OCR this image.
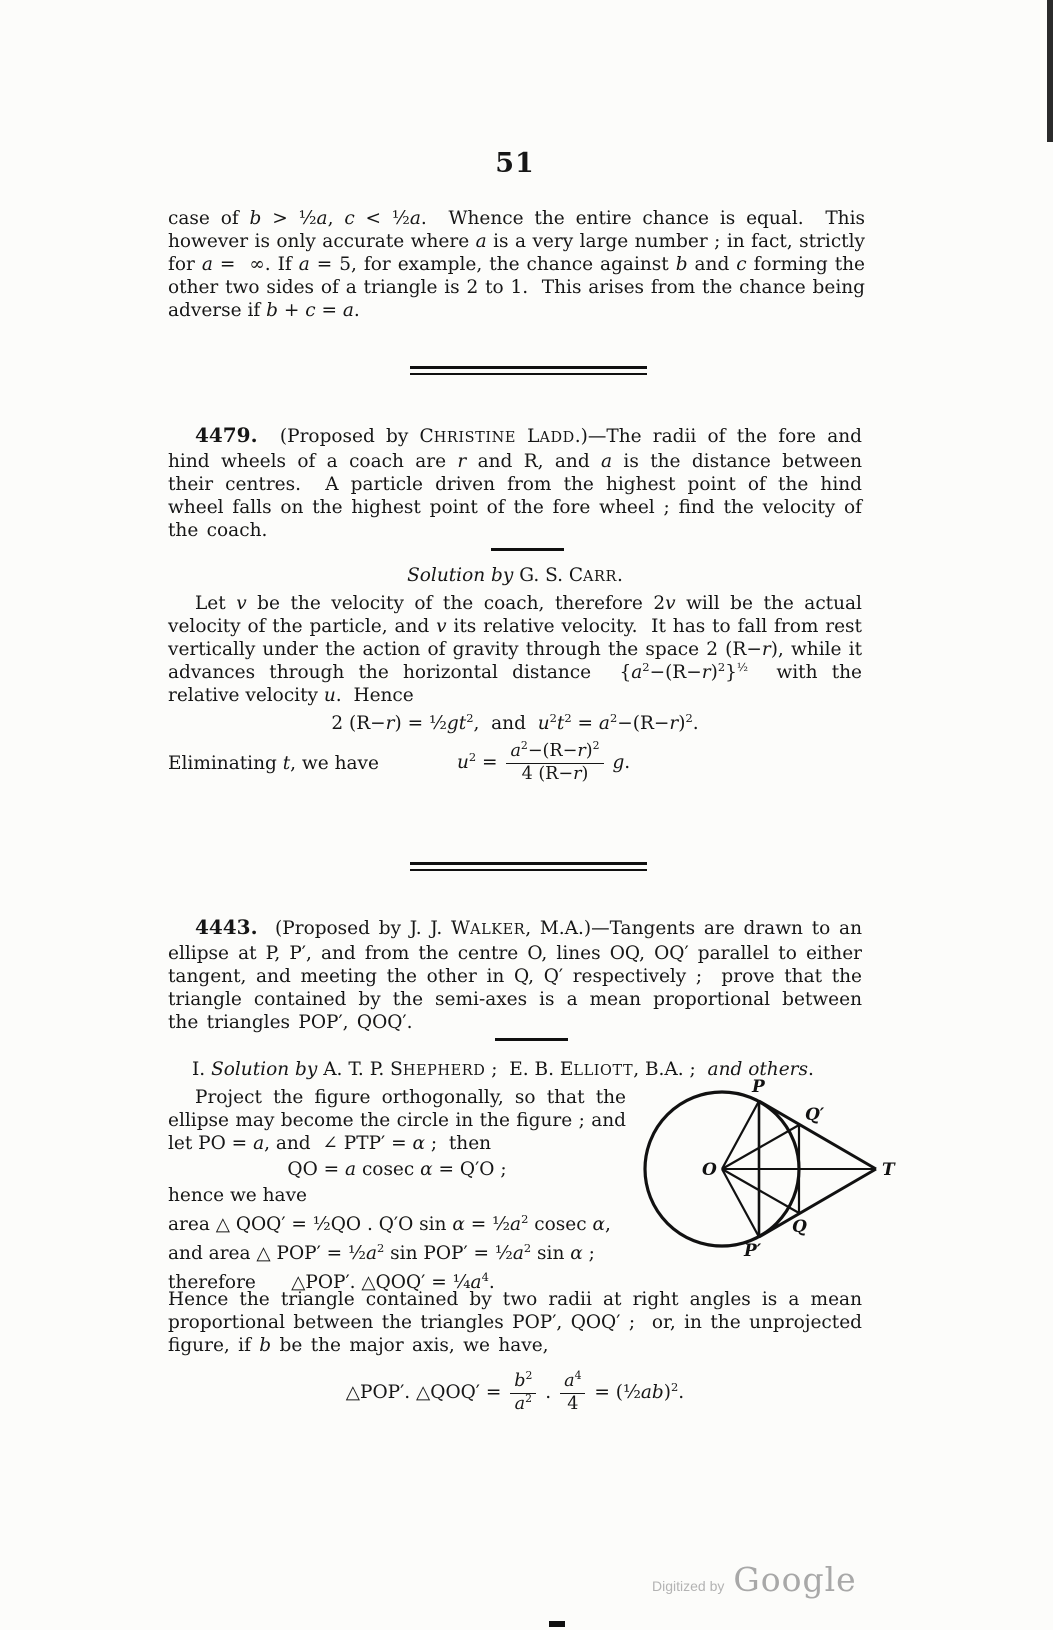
51
case of b > ½a, c < ½a.  Whence the entire chance is equal.  This however is only accurate where a is a very large number ; in fact, strictly for a =  ∞. If a = 5, for example, the chance against b and c forming the other two sides of a triangle is 2 to 1.  This arises from the chance being adverse if b + c = a.
4479.  (Proposed by CHRISTINE LADD.)—The radii of the fore and hind wheels of a coach are r and R, and a is the distance between their centres.  A particle driven from the highest point of the hind wheel falls on the highest point of the fore wheel ; find the velocity of the coach.
Solution by G. S. CARR.
Let v be the velocity of the coach, therefore 2v will be the actual velocity of the particle, and v its relative velocity.  It has to fall from rest vertically under the action of gravity through the space 2 (R−r), while it advances through the horizontal distance  $\{a^2-(R-r)^2\}^{\frac{1}{2}}$  with the relative velocity u.  Hence
2 $(R-r) = \frac{1}{2}gt^2$,  and  $u^2t^2 = a^2-(R-r)^2$.
Eliminating t, we have	$u^2 = \frac{a^2-(R-r)^2}{4 (R-r)} g$.
4443.  (Proposed by J. J. WALKER, M.A.)—Tangents are drawn to an ellipse at P, P′, and from the centre O, lines OQ, OQ′ parallel to either tangent, and meeting the other in Q, Q′ respectively ;  prove that the triangle contained by the semi-axes is a mean proportional between the triangles POP′, QOQ′.
I. Solution by A. T. P. SHEPHERD ;  E. B. ELLIOTT, B.A. ;  and others.
Project the figure orthogonally, so that the ellipse may become the circle in the figure ; and let PO = a, and  ∠ PTP′ = α ;  then
QO = a cosec α = Q′O ;
hence we have
area △ QOQ′ = ½QO . Q′O $\sin \alpha = \frac{1}{2}a^2$ cosec α,
and area △ $POP' = \frac{1}{2}a^2$ $\sin POP' = \frac{1}{2}a^2$ sin α ;
therefore      △POP′. △QOQ′ = $\frac{1}{4}a^4$.
P
Q′
O	T
Q
P′
Hence the triangle contained by two radii at right angles is a mean proportional between the triangles POP′, QOQ′ ;  or, in the unprojected figure, if b be the major axis, we have,
△POP′. △QOQ′ = $\frac{b^2}{a^2}$ . $\frac{a^4}{4}$ = (½ab)$^2$.
Digitized by Google
